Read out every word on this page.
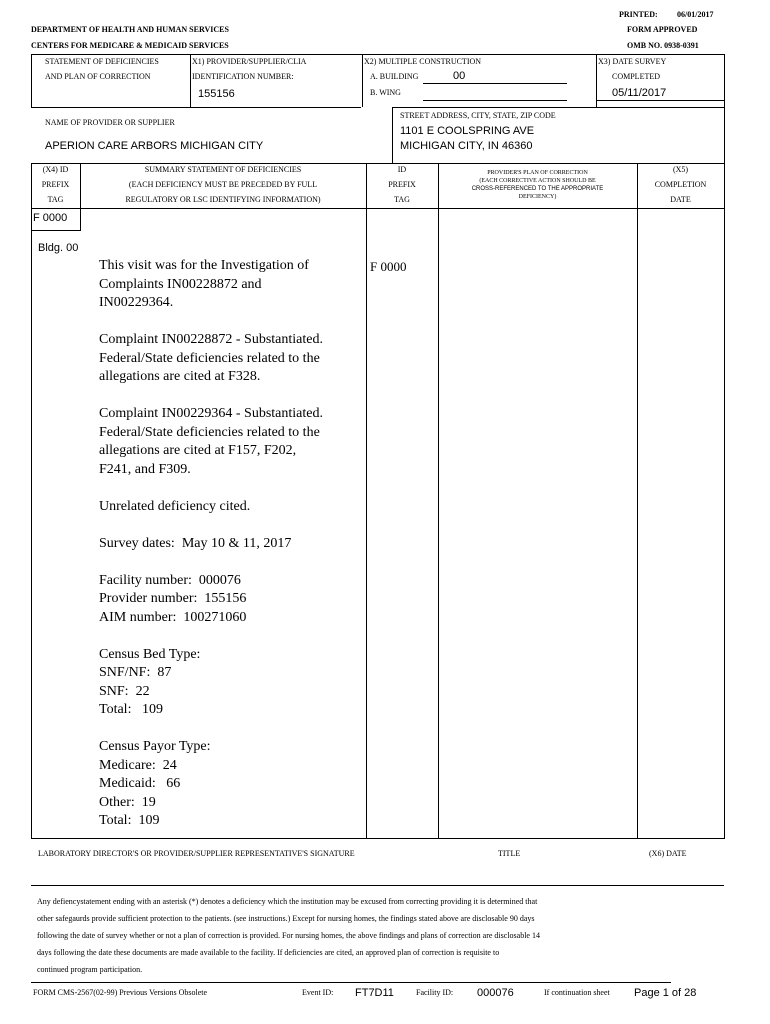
PRINTED: 06/01/2017
DEPARTMENT OF HEALTH AND HUMAN SERVICES	FORM APPROVED
CENTERS FOR MEDICARE & MEDICAID SERVICES	OMB NO. 0938-0391
STATEMENT OF DEFICIENCIES
AND PLAN OF CORRECTION
X1) PROVIDER/SUPPLIER/CLIA
IDENTIFICATION NUMBER:
155156
X2) MULTIPLE CONSTRUCTION
A. BUILDING	00
B. WING
X3) DATE SURVEY
COMPLETED
05/11/2017
NAME OF PROVIDER OR SUPPLIER
APERION CARE ARBORS MICHIGAN CITY
STREET ADDRESS, CITY, STATE, ZIP CODE
1101 E COOLSPRING AVE
MICHIGAN CITY, IN 46360
(X4) ID
PREFIX
TAG
SUMMARY STATEMENT OF DEFICIENCIES
(EACH DEFICIENCY MUST BE PRECEDED BY FULL
REGULATORY OR LSC IDENTIFYING INFORMATION)
ID
PREFIX
TAG
PROVIDER'S PLAN OF CORRECTION
(EACH CORRECTIVE ACTION SHOULD BE
CROSS-REFERENCED TO THE APPROPRIATE
DEFICIENCY)
(X5)
COMPLETION
DATE
F 0000
Bldg. 00
F 0000

This visit was for the Investigation of
Complaints IN00228872 and
IN00229364.

Complaint IN00228872 - Substantiated.
Federal/State deficiencies related to the
allegations are cited at F328.

Complaint IN00229364 - Substantiated.
Federal/State deficiencies related to the
allegations are cited at F157, F202,
F241, and F309.

Unrelated deficiency cited.

Survey dates:  May 10 & 11, 2017

Facility number:  000076
Provider number:  155156
AIM number:  100271060

Census Bed Type:
SNF/NF:  87
SNF:  22
Total:   109

Census Payor Type:
Medicare:  24
Medicaid:   66
Other:  19
Total:  109

LABORATORY DIRECTOR'S OR PROVIDER/SUPPLIER REPRESENTATIVE'S SIGNATURE	TITLE	(X6) DATE
Any defiencystatement ending with an asterisk (*) denotes a deficiency which the institution may be excused from correcting providing it is determined that
other safegaurds provide sufficient protection to the patients. (see instructions.) Except for nursing homes, the findings stated above are disclosable 90 days
following the date of survey whether or not a plan of correction is provided. For nursing homes, the above findings and plans of correction are disclosable 14
days following the date these documents are made available to the facility. If deficiencies are cited, an approved plan of correction is requisite to
continued program participation.
FORM CMS-2567(02-99) Previous Versions Obsolete	Event ID: FT7D11	Facility ID: 000076	If continuation sheet Page 1 of 28
